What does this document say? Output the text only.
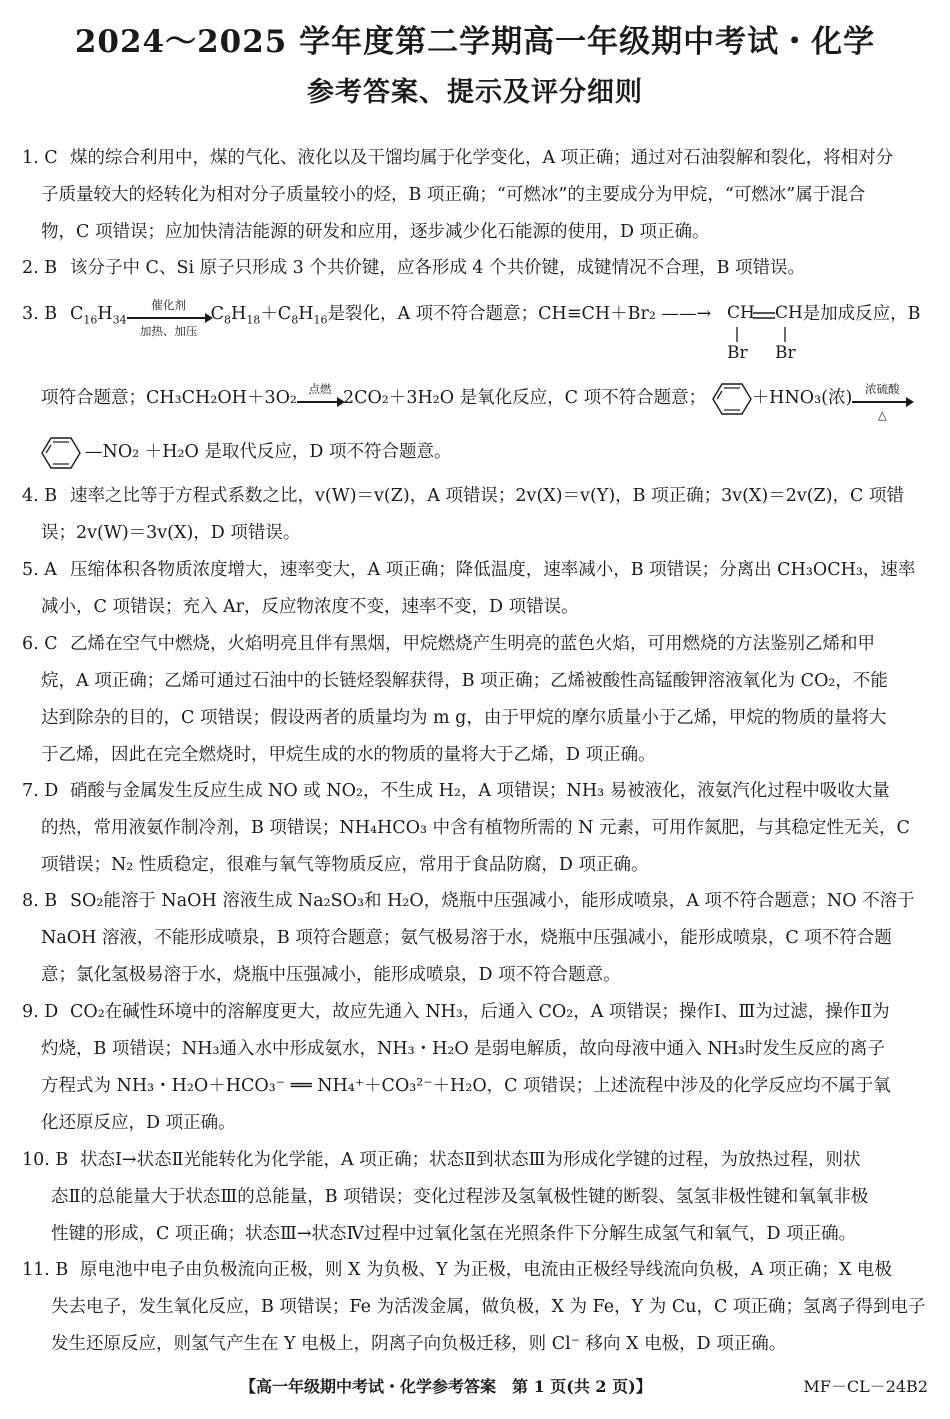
2024～2025 学年度第二学期高一年级期中考试・化学
参考答案、提示及评分细则
1. C 煤的综合利用中，煤的气化、液化以及干馏均属于化学变化，A 项正确；通过对石油裂解和裂化，将相对分
子质量较大的烃转化为相对分子质量较小的烃，B 项正确；“可燃冰”的主要成分为甲烷，“可燃冰”属于混合
物，C 项错误；应加快清洁能源的研发和应用，逐步减少化石能源的使用，D 项正确。
2. B 该分子中 C、Si 原子只形成 3 个共价键，应各形成 4 个共价键，成键情况不合理，B 项错误。
3. B $C_{16}H_{34}$
催化剂
加热、加压
$C_8H_{18}+C_8H_{16}$是裂化，A 项不符合题意；CH≡CH＋Br₂ ——→	是加成反应，B
CH CH
Br Br
项符合题意；CH₃CH₂OH＋3O₂	点燃 2CO₂＋3H₂O 是氧化反应，C 项不符合题意；	＋HNO₃(浓)	浓硫酸
△
—NO₂ ＋H₂O 是取代反应，D 项不符合题意。
4. B 速率之比等于方程式系数之比，v(W)＝v(Z)，A 项错误；2v(X)＝v(Y)，B 项正确；3v(X)＝2v(Z)，C 项错
误；2v(W)＝3v(X)，D 项错误。
5. A 压缩体积各物质浓度增大，速率变大，A 项正确；降低温度，速率减小，B 项错误；分离出 CH₃OCH₃，速率
减小，C 项错误；充入 Ar，反应物浓度不变，速率不变，D 项错误。
6. C 乙烯在空气中燃烧，火焰明亮且伴有黑烟，甲烷燃烧产生明亮的蓝色火焰，可用燃烧的方法鉴别乙烯和甲
烷，A 项正确；乙烯可通过石油中的长链烃裂解获得，B 项正确；乙烯被酸性高锰酸钾溶液氧化为 CO₂，不能
达到除杂的目的，C 项错误；假设两者的质量均为 m g，由于甲烷的摩尔质量小于乙烯，甲烷的物质的量将大
于乙烯，因此在完全燃烧时，甲烷生成的水的物质的量将大于乙烯，D 项正确。
7. D 硝酸与金属发生反应生成 NO 或 NO₂，不生成 H₂，A 项错误；NH₃ 易被液化，液氨汽化过程中吸收大量
的热，常用液氨作制冷剂，B 项错误；NH₄HCO₃ 中含有植物所需的 N 元素，可用作氮肥，与其稳定性无关，C
项错误；N₂ 性质稳定，很难与氧气等物质反应，常用于食品防腐，D 项正确。
8. B SO₂能溶于 NaOH 溶液生成 Na₂SO₃和 H₂O，烧瓶中压强减小，能形成喷泉，A 项不符合题意；NO 不溶于
NaOH 溶液，不能形成喷泉，B 项符合题意；氨气极易溶于水，烧瓶中压强减小，能形成喷泉，C 项不符合题
意；氯化氢极易溶于水，烧瓶中压强减小，能形成喷泉，D 项不符合题意。
9. D CO₂在碱性环境中的溶解度更大，故应先通入 NH₃，后通入 CO₂，A 项错误；操作Ⅰ、Ⅲ为过滤，操作Ⅱ为
灼烧，B 项错误；NH₃通入水中形成氨水，NH₃・H₂O 是弱电解质，故向母液中通入 NH₃时发生反应的离子
方程式为 NH₃・H₂O＋HCO₃⁻ ══ NH₄⁺＋CO₃²⁻＋H₂O，C 项错误；上述流程中涉及的化学反应均不属于氧
化还原反应，D 项正确。
10. B 状态Ⅰ→状态Ⅱ光能转化为化学能，A 项正确；状态Ⅱ到状态Ⅲ为形成化学键的过程，为放热过程，则状
态Ⅱ的总能量大于状态Ⅲ的总能量，B 项错误；变化过程涉及氢氧极性键的断裂、氢氢非极性键和氧氧非极
性键的形成，C 项正确；状态Ⅲ→状态Ⅳ过程中过氧化氢在光照条件下分解生成氢气和氧气，D 项正确。
11. B 原电池中电子由负极流向正极，则 X 为负极、Y 为正极，电流由正极经导线流向负极，A 项正确；X 电极
失去电子，发生氧化反应，B 项错误；Fe 为活泼金属，做负极，X 为 Fe，Y 为 Cu，C 项正确；氢离子得到电子
发生还原反应，则氢气产生在 Y 电极上，阴离子向负极迁移，则 Cl⁻ 移向 X 电极，D 项正确。
【高一年级期中考试・化学参考答案　第 1 页(共 2 页)】	MF－CL－24B2
